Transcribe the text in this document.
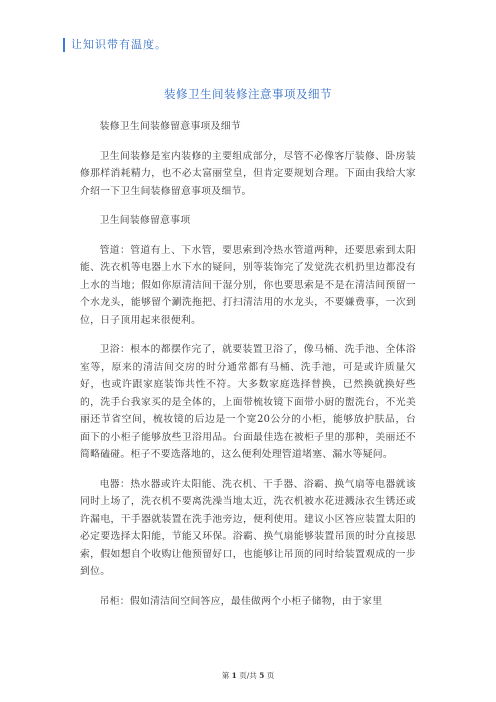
让知识带有温度。
装修卫生间装修注意事项及细节

装修卫生间装修留意事项及细节

卫生间装修是室内装修的主要组成部分，尽管不必像客厅装修、卧房装修那样消耗精力，也不必太富丽堂皇，但肯定要规划合理。下面由我给大家介绍一下卫生间装修留意事项及细节。

卫生间装修留意事项

管道：管道有上、下水管，要思索到冷热水管道两种，还要思索到太阳能、洗衣机等电器上水下水的疑问，别等装饰完了发觉洗衣机扔里边都没有上水的当地；假如你原清洁间干湿分别，你也要思索是不是在清洁间预留一个水龙头，能够留个涮洗拖把、打扫清洁用的水龙头，不要嫌费事，一次到位，日子顶用起来很便利。

卫浴：根本的都摆作完了，就要装置卫浴了，像马桶、洗手池、全体浴室等，原来的清洁间交房的时分通常都有马桶、洗手池，可是或许质量欠好，也或许跟家庭装饰共性不符。大多数家庭选择替换，已然换就换好些的，洗手台我家买的是全体的，上面带梳妆镜下面带小厨的盥洗台，不光美丽还节省空间，梳妆镜的后边是一个宽20公分的小柜，能够放护肤品，台面下的小柜子能够放些卫浴用品。台面最佳选在被柜子里的那种，美丽还不简略磕碰。柜子不要选落地的，这么便利处理管道堵塞、漏水等疑问。

电器：热水器或许太阳能、洗衣机、干手器、浴霸、换气扇等电器就该同时上场了，洗衣机不要离洗澡当地太近，洗衣机被水花迸溅泳衣生锈还或许漏电，干手器就装置在洗手池旁边，便利使用。建议小区答应装置太阳的必定要选择太阳能，节能又环保。浴霸、换气扇能够装置吊顶的时分直接思索，假如想自个收购让他预留好口，也能够让吊顶的同时给装置观成的一步到位。

吊柜：假如清洁间空间答应，最佳做两个小柜子储物，由于家里

第 1 页/共 5 页
